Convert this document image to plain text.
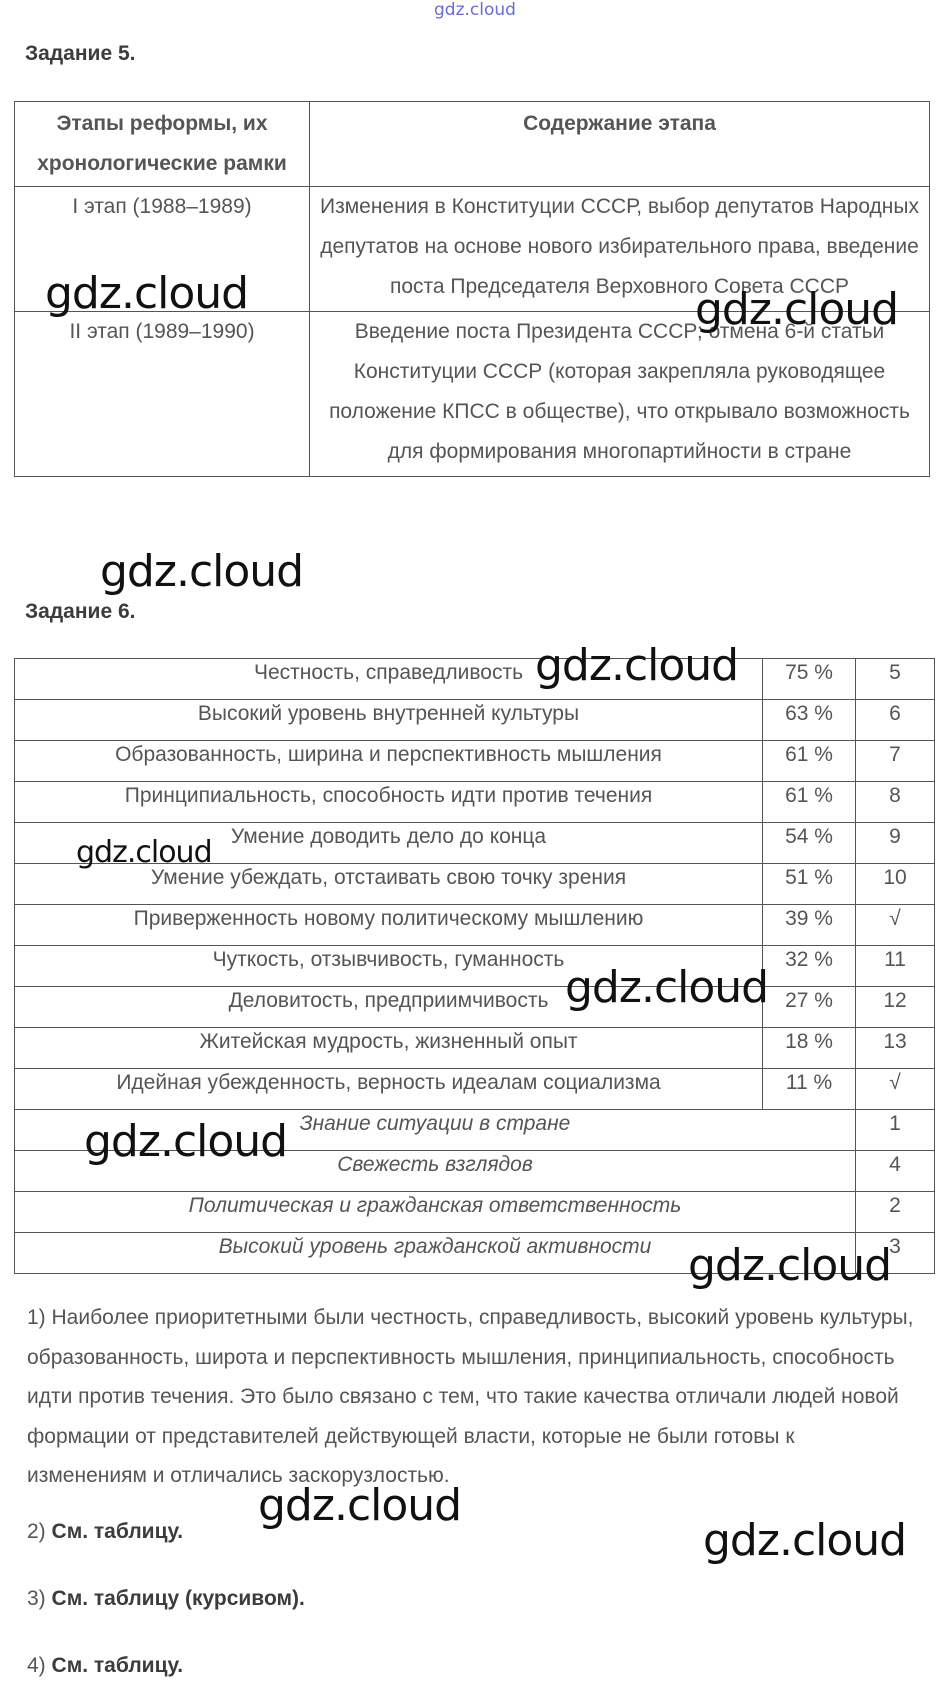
gdz.cloud
Задание 5.
Этапы реформы, их хронологические рамки	Содержание этапа
I этап (1988–1989)	Изменения в Конституции СССР, выбор депутатов Народных депутатов на основе нового избирательного права, введение поста Председателя Верховного Совета СССР
II этап (1989–1990)	Введение поста Президента СССР; отмена 6-й статьи Конституции СССР (которая закрепляла руководящее положение КПСС в обществе), что открывало возможность для формирования многопартийности в стране
Задание 6.
Честность, справедливость	75 %	5
Высокий уровень внутренней культуры	63 %	6
Образованность, ширина и перспективность мышления	61 %	7
Принципиальность, способность идти против течения	61 %	8
Умение доводить дело до конца	54 %	9
Умение убеждать, отстаивать свою точку зрения	51 %	10
Приверженность новому политическому мышлению	39 %	√
Чуткость, отзывчивость, гуманность	32 %	11
Деловитость, предприимчивость	27 %	12
Житейская мудрость, жизненный опыт	18 %	13
Идейная убежденность, верность идеалам социализма	11 %	√
Знание ситуации в стране		1
Свежесть взглядов		4
Политическая и гражданская ответственность		2
Высокий уровень гражданской активности		3

1) Наиболее приоритетными были честность, справедливость, высокий уровень культуры, образованность, широта и перспективность мышления, принципиальность, способность идти против течения. Это было связано с тем, что такие качества отличали людей новой формации от представителей действующей власти, которые не были готовы к изменениям и отличались заскорузлостью.

2) См. таблицу.
3) См. таблицу (курсивом).
4) См. таблицу.
gdz.cloud	gdz.cloud
gdz.cloud
gdz.cloud
gdz.cloud
gdz.cloud
gdz.cloud
gdz.cloud
gdz.cloud
gdz.cloud
